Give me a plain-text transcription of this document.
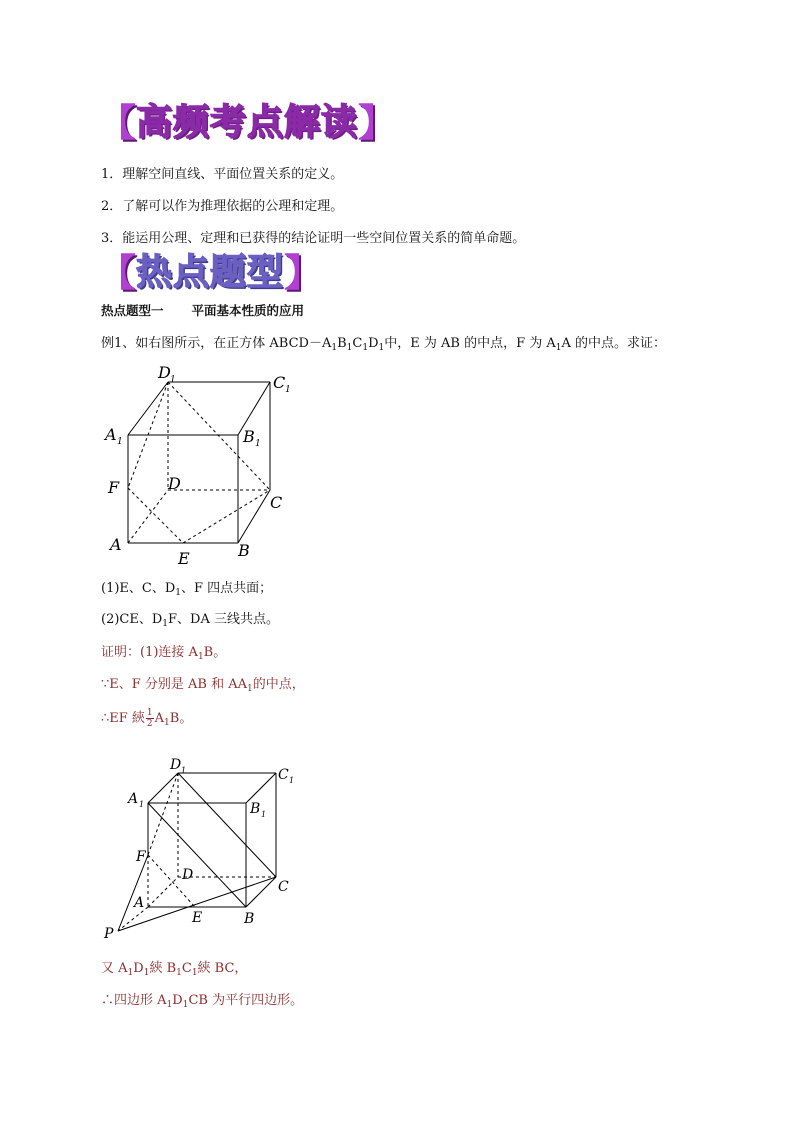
【 高频考点解读 】
1．理解空间直线、平面位置关系的定义。
2．了解可以作为推理依据的公理和定理。
3．能运用公理、定理和已获得的结论证明一些空间位置关系的简单命题。
【 热点题型 】
热点题型一 平面基本性质的应用
例1、如右图所示，在正方体 $ABCD-A_1B_1C_1D_1$中，E 为 AB 的中点，F 为 $A_1A$ 的中点。求证：
D 1	C 1
A 1	B 1
F	D
C
A
E	B
(1)E、C、$D_1$、F 四点共面；
(2)CE、$D_1F$、DA 三线共点。
证明：(1)连接 $A_1B$。
∵E、F 分别是 AB 和 $AA_1$的中点，
∴EF 綊 $\frac{1}{2} A_1B$。
D 1	C 1
A 1	B 1
F
D
C
A
E	B
P
又 $A_1D_1$綊 $B_1C_1$綊 BC，
∴四边形 $A_1D_1CB$ 为平行四边形。
